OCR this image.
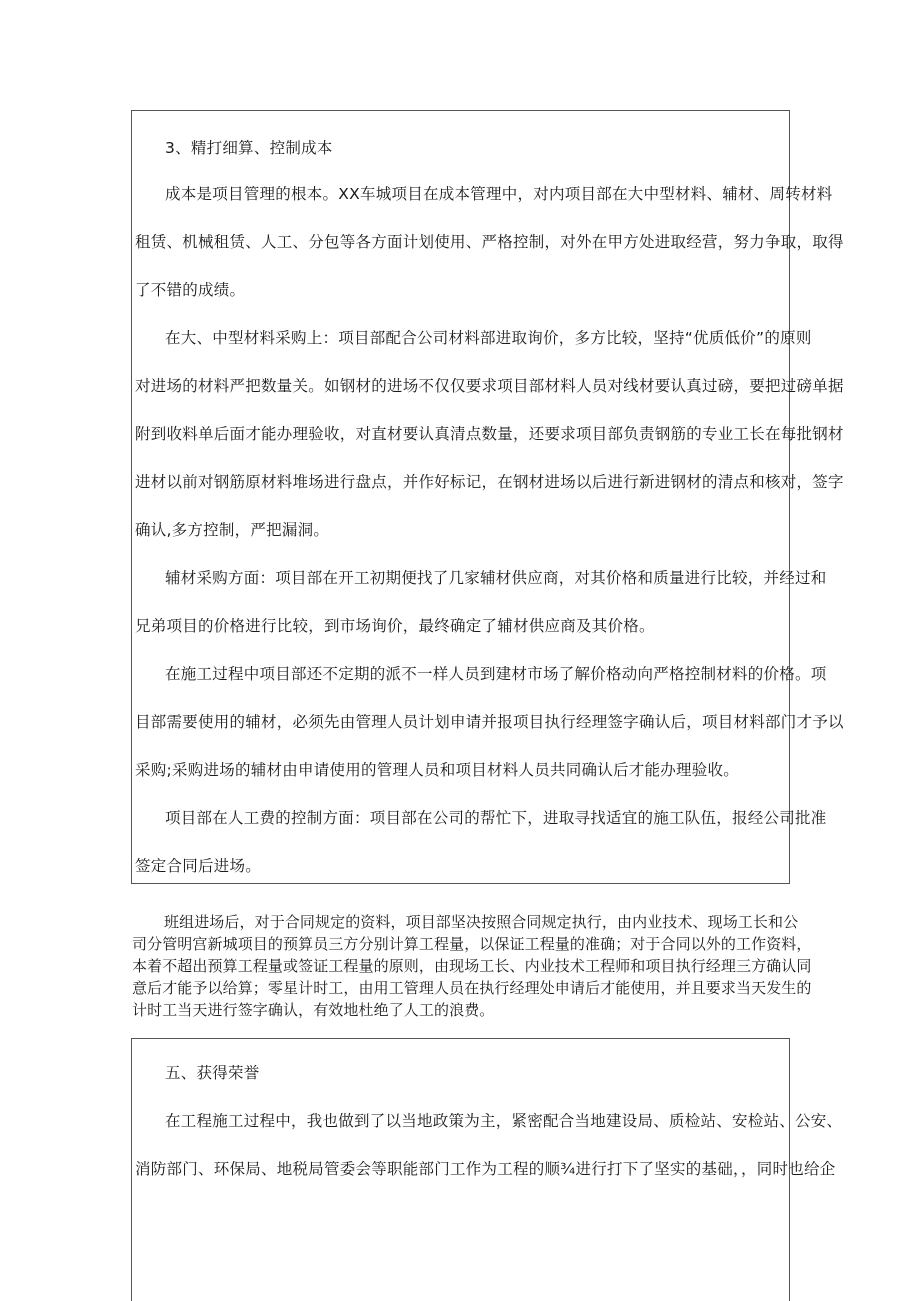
3、精打细算、控制成本
成本是项目管理的根本。XX车城项目在成本管理中，对内项目部在大中型材料、辅材、周转材料
租赁、机械租赁、人工、分包等各方面计划使用、严格控制，对外在甲方处进取经营，努力争取，取得
了不错的成绩。
在大、中型材料采购上：项目部配合公司材料部进取询价，多方比较，坚持“优质低价”的原则
对进场的材料严把数量关。如钢材的进场不仅仅要求项目部材料人员对线材要认真过磅，要把过磅单据
附到收料单后面才能办理验收，对直材要认真清点数量，还要求项目部负责钢筋的专业工长在每批钢材
进材以前对钢筋原材料堆场进行盘点，并作好标记，在钢材进场以后进行新进钢材的清点和核对，签字
确认,多方控制，严把漏洞。
辅材采购方面：项目部在开工初期便找了几家辅材供应商，对其价格和质量进行比较，并经过和
兄弟项目的价格进行比较，到市场询价，最终确定了辅材供应商及其价格。
在施工过程中项目部还不定期的派不一样人员到建材市场了解价格动向严格控制材料的价格。项
目部需要使用的辅材，必须先由管理人员计划申请并报项目执行经理签字确认后，项目材料部门才予以
采购;采购进场的辅材由申请使用的管理人员和项目材料人员共同确认后才能办理验收。
项目部在人工费的控制方面：项目部在公司的帮忙下，进取寻找适宜的施工队伍，报经公司批准
签定合同后进场。
班组进场后，对于合同规定的资料，项目部坚决按照合同规定执行，由内业技术、现场工长和公
司分管明宫新城项目的预算员三方分别计算工程量，以保证工程量的准确；对于合同以外的工作资料，
本着不超出预算工程量或签证工程量的原则，由现场工长、内业技术工程师和项目执行经理三方确认同
意后才能予以给算；零星计时工，由用工管理人员在执行经理处申请后才能使用，并且要求当天发生的
计时工当天进行签字确认，有效地杜绝了人工的浪费。
五、获得荣誉
在工程施工过程中，我也做到了以当地政策为主，紧密配合当地建设局、质检站、安检站、公安、
消防部门、环保局、地税局管委会等职能部门工作为工程的顺¾进行打下了坚实的基础，，同时也给企
